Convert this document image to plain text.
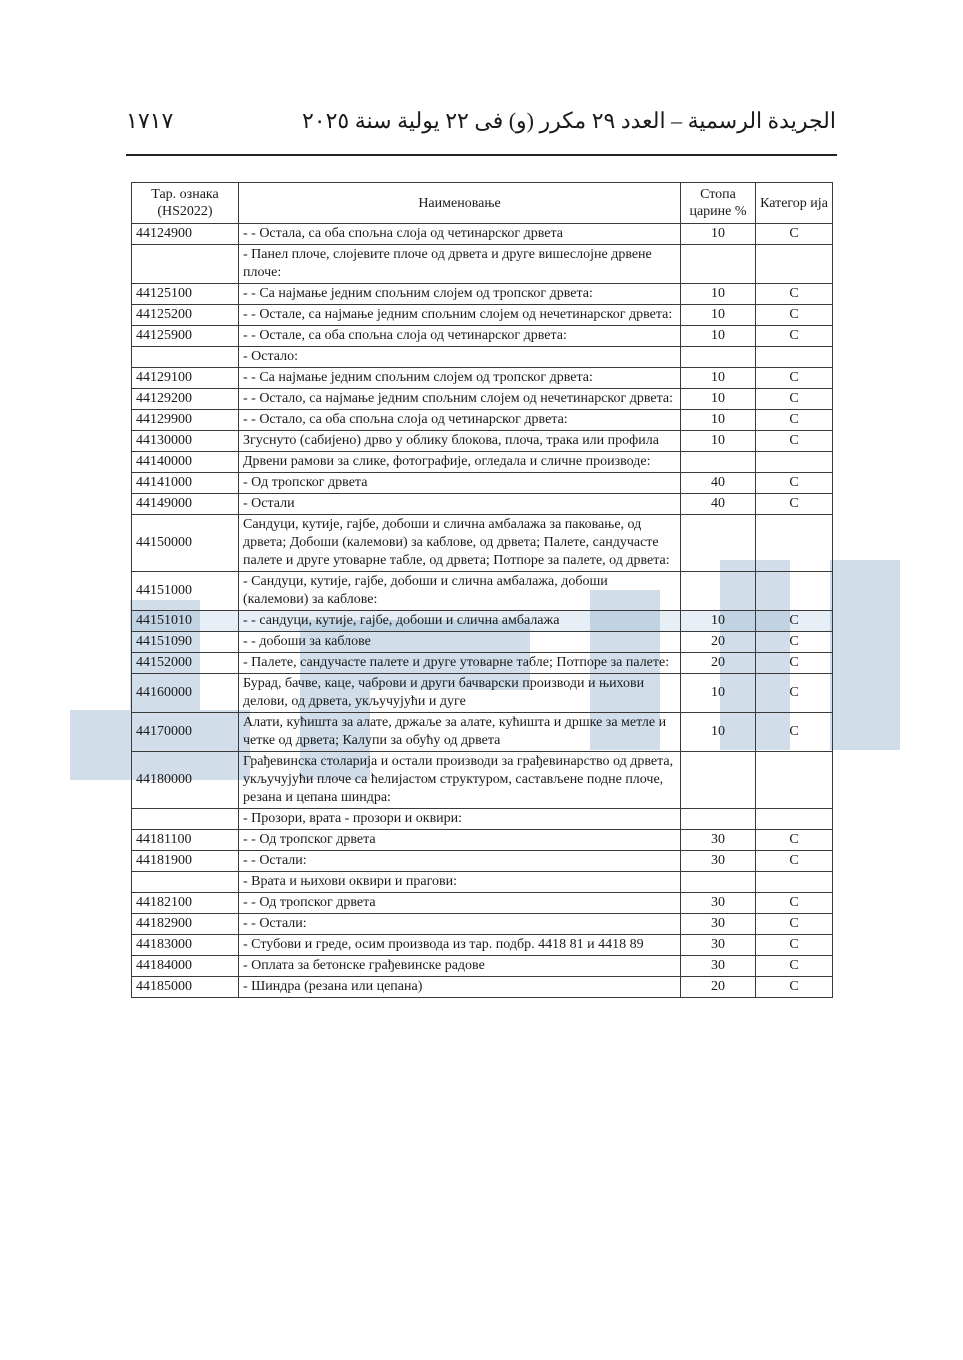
الجريدة الرسمية – العدد ٢٩ مكرر (و) فى ٢٢ يولية سنة ٢٠٢٥
١٧١٧
Тар. ознака (HS2022)	Наименовање	Стопа царине %	Категор ија
44124900	- - Остала, са оба спољна слоја од четинарског дрвета	10	C
	- Панел плоче, слојевите плоче од дрвета и друге вишеслојне дрвене плоче:		
44125100	- - Са најмање једним спољним слојем од тропског дрвета:	10	C
44125200	- - Остале, са најмање једним спољним слојем од нечетинарског дрвета:	10	C
44125900	- - Остале, са оба спољна слоја од четинарског дрвета:	10	C
	- Остало:		
44129100	- - Са најмање једним спољним слојем од тропског дрвета:	10	C
44129200	- - Остало, са најмање једним спољним слојем од нечетинарског дрвета:	10	C
44129900	- - Остало, са оба спољна слоја од четинарског дрвета:	10	C
44130000	Згуснуто (сабијено) дрво у облику блокова, плоча, трака или профила	10	C
44140000	Дрвени рамови за слике, фотографије, огледала и сличне производе:		
44141000	- Од тропског дрвета	40	C
44149000	- Остали	40	C
44150000	Сандуци, кутије, гајбе, добоши и слична амбалажа за паковање, од дрвета; Добоши (калемови) за каблове, од дрвета; Палете, сандучасте палете и друге утоварне табле, од дрвета; Потпоре за палете, од дрвета:		
44151000	- Сандуци, кутије, гајбе, добоши и слична амбалажа, добоши (калемови) за каблове:		
44151010	- - сандуци, кутије, гајбе, добоши и слична амбалажа	10	C
44151090	- - добоши за каблове	20	C
44152000	- Палете, сандучасте палете и друге утоварне табле; Потпоре за палете:	20	C
44160000	Бурад, бачве, каце, чаброви и други бачварски производи и њихови делови, од дрвета, укључујући и дуге	10	C
44170000	Алати, кућишта за алате, држаље за алате, кућишта и дршке за метле и четке од дрвета; Калупи за обућу од дрвета	10	C
44180000	Грађевинска столарија и остали производи за грађевинарство од дрвета, укључујући плоче са ћелијастом структуром, састављене подне плоче, резана и цепана шиндра:		
	- Прозори, врата - прозори и оквири:		
44181100	- - Од тропског дрвета	30	C
44181900	- - Остали:	30	C
	- Врата и њихови оквири и прагови:		
44182100	- - Од тропског дрвета	30	C
44182900	- - Остали:	30	C
44183000	- Стубови и греде, осим производа из тар. подбр. 4418 81 и 4418 89	30	C
44184000	- Оплата за бетонске грађевинске радове	30	C
44185000	- Шиндра (резана или цепана)	20	C
